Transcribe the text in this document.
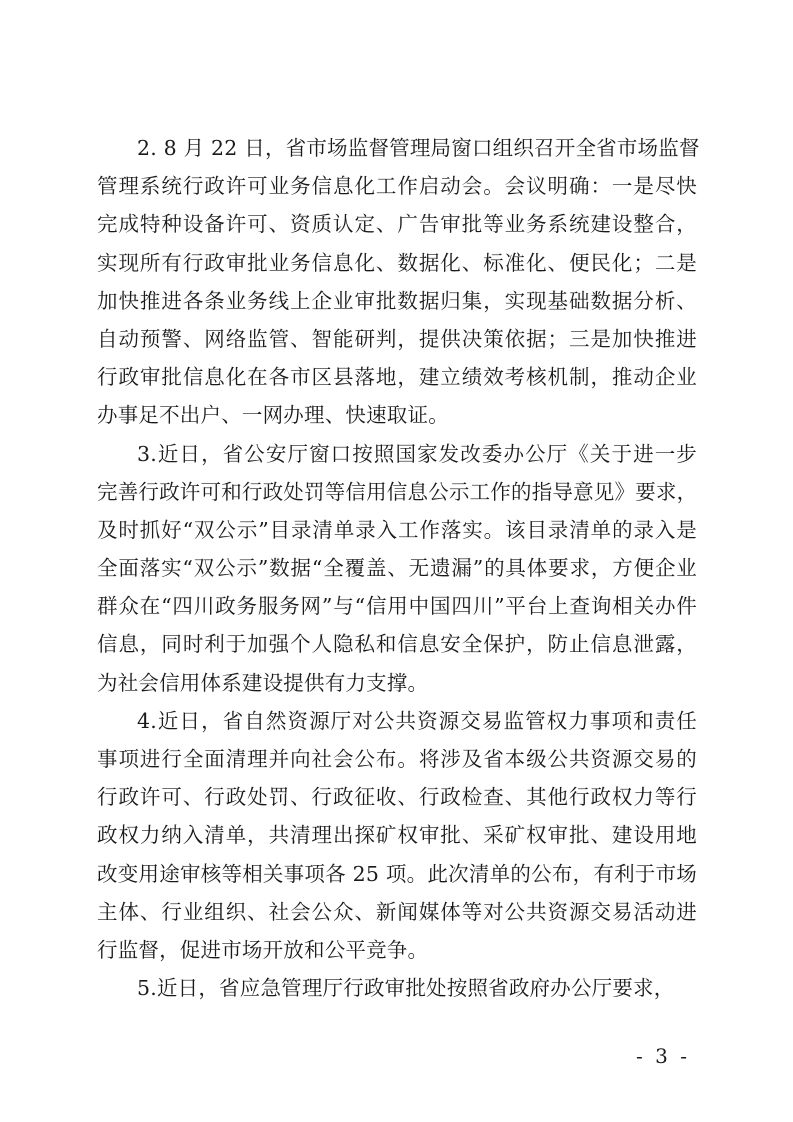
2. 8 月 22 日，省市场监督管理局窗口组织召开全省市场监督
管理系统行政许可业务信息化工作启动会。会议明确：一是尽快
完成特种设备许可、资质认定、广告审批等业务系统建设整合，
实现所有行政审批业务信息化、数据化、标准化、便民化；二是
加快推进各条业务线上企业审批数据归集，实现基础数据分析、
自动预警、网络监管、智能研判，提供决策依据；三是加快推进
行政审批信息化在各市区县落地，建立绩效考核机制，推动企业
办事足不出户、一网办理、快速取证。
3.近日，省公安厅窗口按照国家发改委办公厅《关于进一步
完善行政许可和行政处罚等信用信息公示工作的指导意见》要求，
及时抓好“双公示”目录清单录入工作落实。该目录清单的录入是
全面落实“双公示”数据“全覆盖、无遗漏”的具体要求，方便企业
群众在“四川政务服务网”与“信用中国四川”平台上查询相关办件
信息，同时利于加强个人隐私和信息安全保护，防止信息泄露，
为社会信用体系建设提供有力支撑。
4.近日，省自然资源厅对公共资源交易监管权力事项和责任
事项进行全面清理并向社会公布。将涉及省本级公共资源交易的
行政许可、行政处罚、行政征收、行政检查、其他行政权力等行
政权力纳入清单，共清理出探矿权审批、采矿权审批、建设用地
改变用途审核等相关事项各 25 项。此次清单的公布，有利于市场
主体、行业组织、社会公众、新闻媒体等对公共资源交易活动进
行监督，促进市场开放和公平竞争。
5.近日，省应急管理厅行政审批处按照省政府办公厅要求，
- 3 -
